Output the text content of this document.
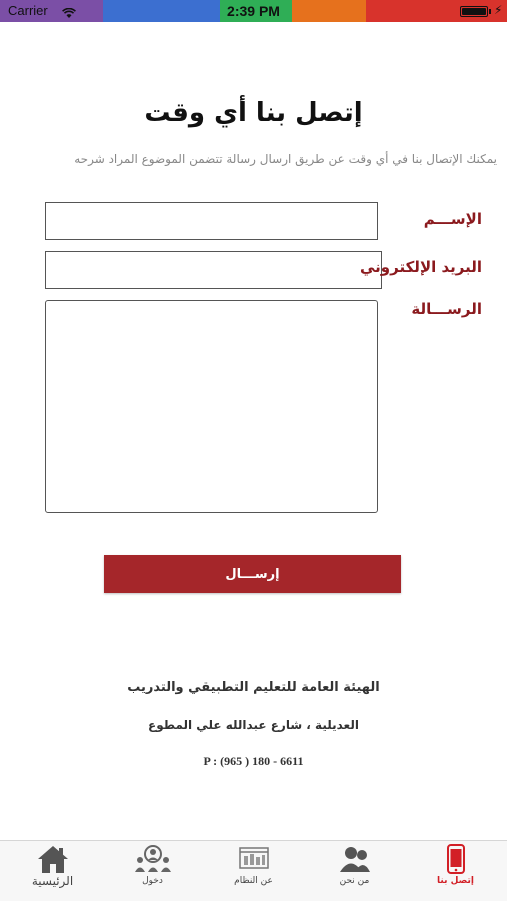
Carrier	2:39 PM	⚡
إتصل بنا أي وقت
يمكنك الإتصال بنا في أي وقت عن طريق ارسال رسالة تتضمن الموضوع المراد شرحه
الإســـم
البريد الإلكتروني
الرســـالة
إرســـال
الهيئة العامة للتعليم التطبيقي والتدريب
العديلية ، شارع عبدالله علي المطوع
P : (965 ) 180 - 6611
الرئيسية	دخول	عن النظام	من نحن	إتصل بنا
